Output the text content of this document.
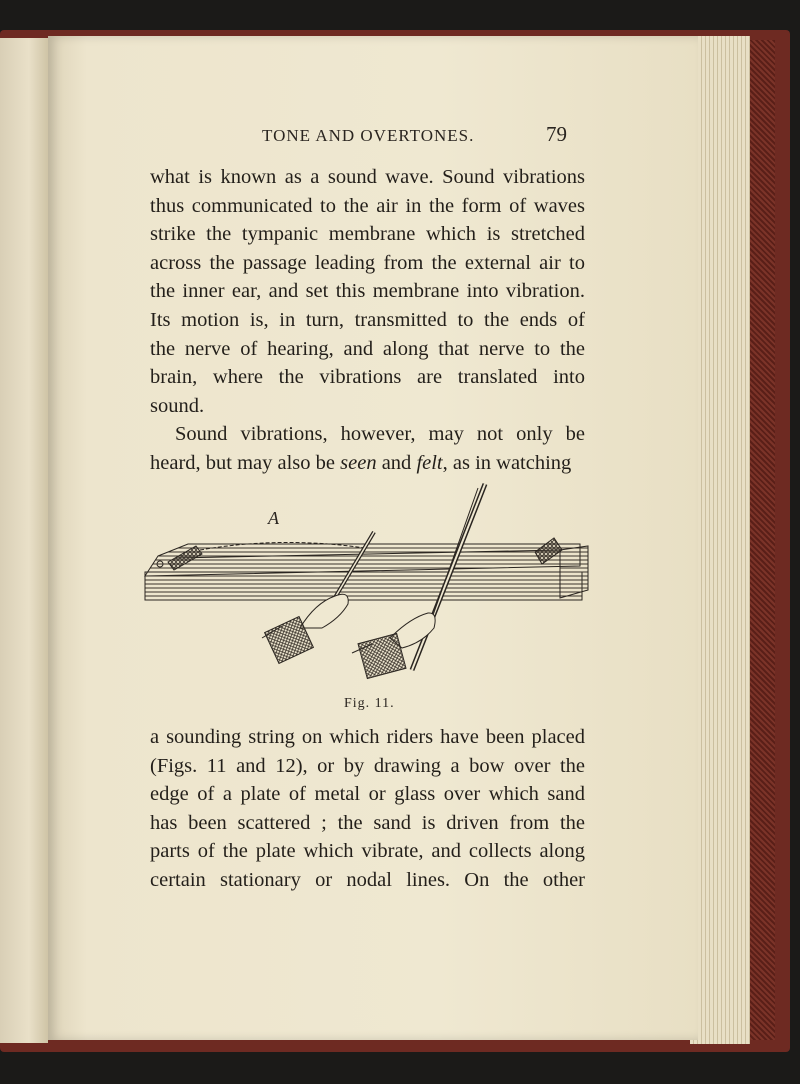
TONE AND OVERTONES.	79
what is known as a sound wave. Sound vibrations
thus communicated to the air in the form of waves
strike the tympanic membrane which is stretched
across the passage leading from the external air to
the inner ear, and set this membrane into vibration.
Its motion is, in turn, transmitted to the ends of
the nerve of hearing, and along that nerve to the
brain, where the vibrations are translated into
sound.
Sound vibrations, however, may not only be
heard, but may also be seen and felt, as in watching
A
Fig. 11.
a sounding string on which riders have been placed
(Figs. 11 and 12), or by drawing a bow over the
edge of a plate of metal or glass over which sand
has been scattered ; the sand is driven from the
parts of the plate which vibrate, and collects along
certain stationary or nodal lines. On the other
